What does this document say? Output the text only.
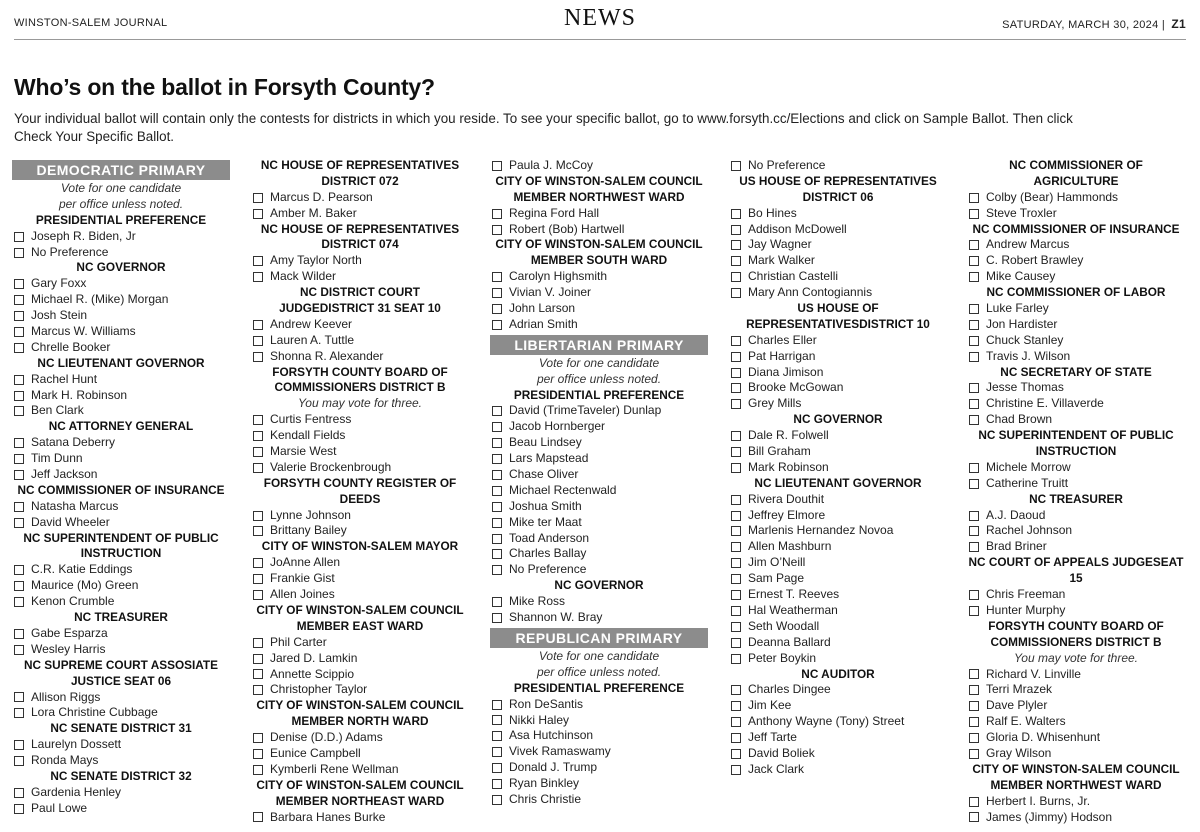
WINSTON-SALEM JOURNAL	NEWS	SATURDAY, MARCH 30, 2024 | Z1
Who’s on the ballot in Forsyth County?

Your individual ballot will contain only the contests for districts in which you reside. To see your specific ballot, go to www.forsyth.cc/Elections and click on Sample Ballot. Then click Check Your Specific Ballot.

DEMOCRATIC PRIMARY
Vote for one candidate
per office unless noted.
PRESIDENTIAL PREFERENCE
Joseph R. Biden, Jr
No Preference
NC GOVERNOR
Gary Foxx
Michael R. (Mike) Morgan
Josh Stein
Marcus W. Williams
Chrelle Booker
NC LIEUTENANT GOVERNOR
Rachel Hunt
Mark H. Robinson
Ben Clark
NC ATTORNEY GENERAL
Satana Deberry
Tim Dunn
Jeff Jackson
NC COMMISSIONER OF INSURANCE
Natasha Marcus
David Wheeler
NC SUPERINTENDENT OF PUBLIC
INSTRUCTION
C.R. Katie Eddings
Maurice (Mo) Green
Kenon Crumble
NC TREASURER
Gabe Esparza
Wesley Harris
NC SUPREME COURT ASSOSIATE
JUSTICE SEAT 06
Allison Riggs
Lora Christine Cubbage
NC SENATE DISTRICT 31
Laurelyn Dossett
Ronda Mays
NC SENATE DISTRICT 32
Gardenia Henley
Paul Lowe
NC HOUSE OF REPRESENTATIVES
DISTRICT 072
Marcus D. Pearson
Amber M. Baker
NC HOUSE OF REPRESENTATIVES
DISTRICT 074
Amy Taylor North
Mack Wilder
NC DISTRICT COURT
JUDGEDISTRICT 31 SEAT 10
Andrew Keever
Lauren A. Tuttle
Shonna R. Alexander
FORSYTH COUNTY BOARD OF
COMMISSIONERS DISTRICT B
You may vote for three.
Curtis Fentress
Kendall Fields
Marsie West
Valerie Brockenbrough
FORSYTH COUNTY REGISTER OF
DEEDS
Lynne Johnson
Brittany Bailey
CITY OF WINSTON-SALEM MAYOR
JoAnne Allen
Frankie Gist
Allen Joines
CITY OF WINSTON-SALEM COUNCIL
MEMBER EAST WARD
Phil Carter
Jared D. Lamkin
Annette Scippio
Christopher Taylor
CITY OF WINSTON-SALEM COUNCIL
MEMBER NORTH WARD
Denise (D.D.) Adams
Eunice Campbell
Kymberli Rene Wellman
CITY OF WINSTON-SALEM COUNCIL
MEMBER NORTHEAST WARD
Barbara Hanes Burke
Paula J. McCoy
CITY OF WINSTON-SALEM COUNCIL
MEMBER NORTHWEST WARD
Regina Ford Hall
Robert (Bob) Hartwell
CITY OF WINSTON-SALEM COUNCIL
MEMBER SOUTH WARD
Carolyn Highsmith
Vivian V. Joiner
John Larson
Adrian Smith
LIBERTARIAN PRIMARY
Vote for one candidate
per office unless noted.
PRESIDENTIAL PREFERENCE
David (TrimeTaveler) Dunlap
Jacob Hornberger
Beau Lindsey
Lars Mapstead
Chase Oliver
Michael Rectenwald
Joshua Smith
Mike ter Maat
Toad Anderson
Charles Ballay
No Preference
NC GOVERNOR
Mike Ross
Shannon W. Bray
REPUBLICAN PRIMARY
Vote for one candidate
per office unless noted.
PRESIDENTIAL PREFERENCE
Ron DeSantis
Nikki Haley
Asa Hutchinson
Vivek Ramaswamy
Donald J. Trump
Ryan Binkley
Chris Christie
No Preference
US HOUSE OF REPRESENTATIVES
DISTRICT 06
Bo Hines
Addison McDowell
Jay Wagner
Mark Walker
Christian Castelli
Mary Ann Contogiannis
US HOUSE OF
REPRESENTATIVESDISTRICT 10
Charles Eller
Pat Harrigan
Diana Jimison
Brooke McGowan
Grey Mills
NC GOVERNOR
Dale R. Folwell
Bill Graham
Mark Robinson
NC LIEUTENANT GOVERNOR
Rivera Douthit
Jeffrey Elmore
Marlenis Hernandez Novoa
Allen Mashburn
Jim O’Neill
Sam Page
Ernest T. Reeves
Hal Weatherman
Seth Woodall
Deanna Ballard
Peter Boykin
NC AUDITOR
Charles Dingee
Jim Kee
Anthony Wayne (Tony) Street
Jeff Tarte
David Boliek
Jack Clark
NC COMMISSIONER OF
AGRICULTURE
Colby (Bear) Hammonds
Steve Troxler
NC COMMISSIONER OF INSURANCE
Andrew Marcus
C. Robert Brawley
Mike Causey
NC COMMISSIONER OF LABOR
Luke Farley
Jon Hardister
Chuck Stanley
Travis J. Wilson
NC SECRETARY OF STATE
Jesse Thomas
Christine E. Villaverde
Chad Brown
NC SUPERINTENDENT OF PUBLIC
INSTRUCTION
Michele Morrow
Catherine Truitt
NC TREASURER
A.J. Daoud
Rachel Johnson
Brad Briner
NC COURT OF APPEALS JUDGESEAT
15
Chris Freeman
Hunter Murphy
FORSYTH COUNTY BOARD OF
COMMISSIONERS DISTRICT B
You may vote for three.
Richard V. Linville
Terri Mrazek
Dave Plyler
Ralf E. Walters
Gloria D. Whisenhunt
Gray Wilson
CITY OF WINSTON-SALEM COUNCIL
MEMBER NORTHWEST WARD
Herbert I. Burns, Jr.
James (Jimmy) Hodson
